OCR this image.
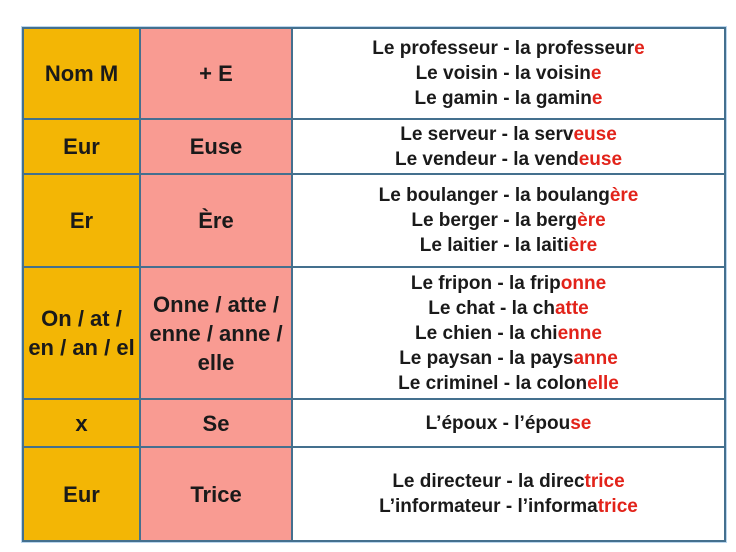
Nom M	+ E	Le professeur - la professeure
Le voisin - la voisine
Le gamin - la gamine

Eur	Euse	Le serveur - la serveuse
Le vendeur - la vendeuse

Er	Ère	Le boulanger - la boulangère
Le berger - la bergère
Le laitier - la laitière

On / at / en / an / el	Onne / atte / enne / anne / elle	Le fripon - la friponne
Le chat - la chatte
Le chien - la chienne
Le paysan - la paysanne
Le criminel - la colonelle

x	Se	L’époux - l’épouse

Eur	Trice	Le directeur - la directrice
L’informateur - l’informatrice
